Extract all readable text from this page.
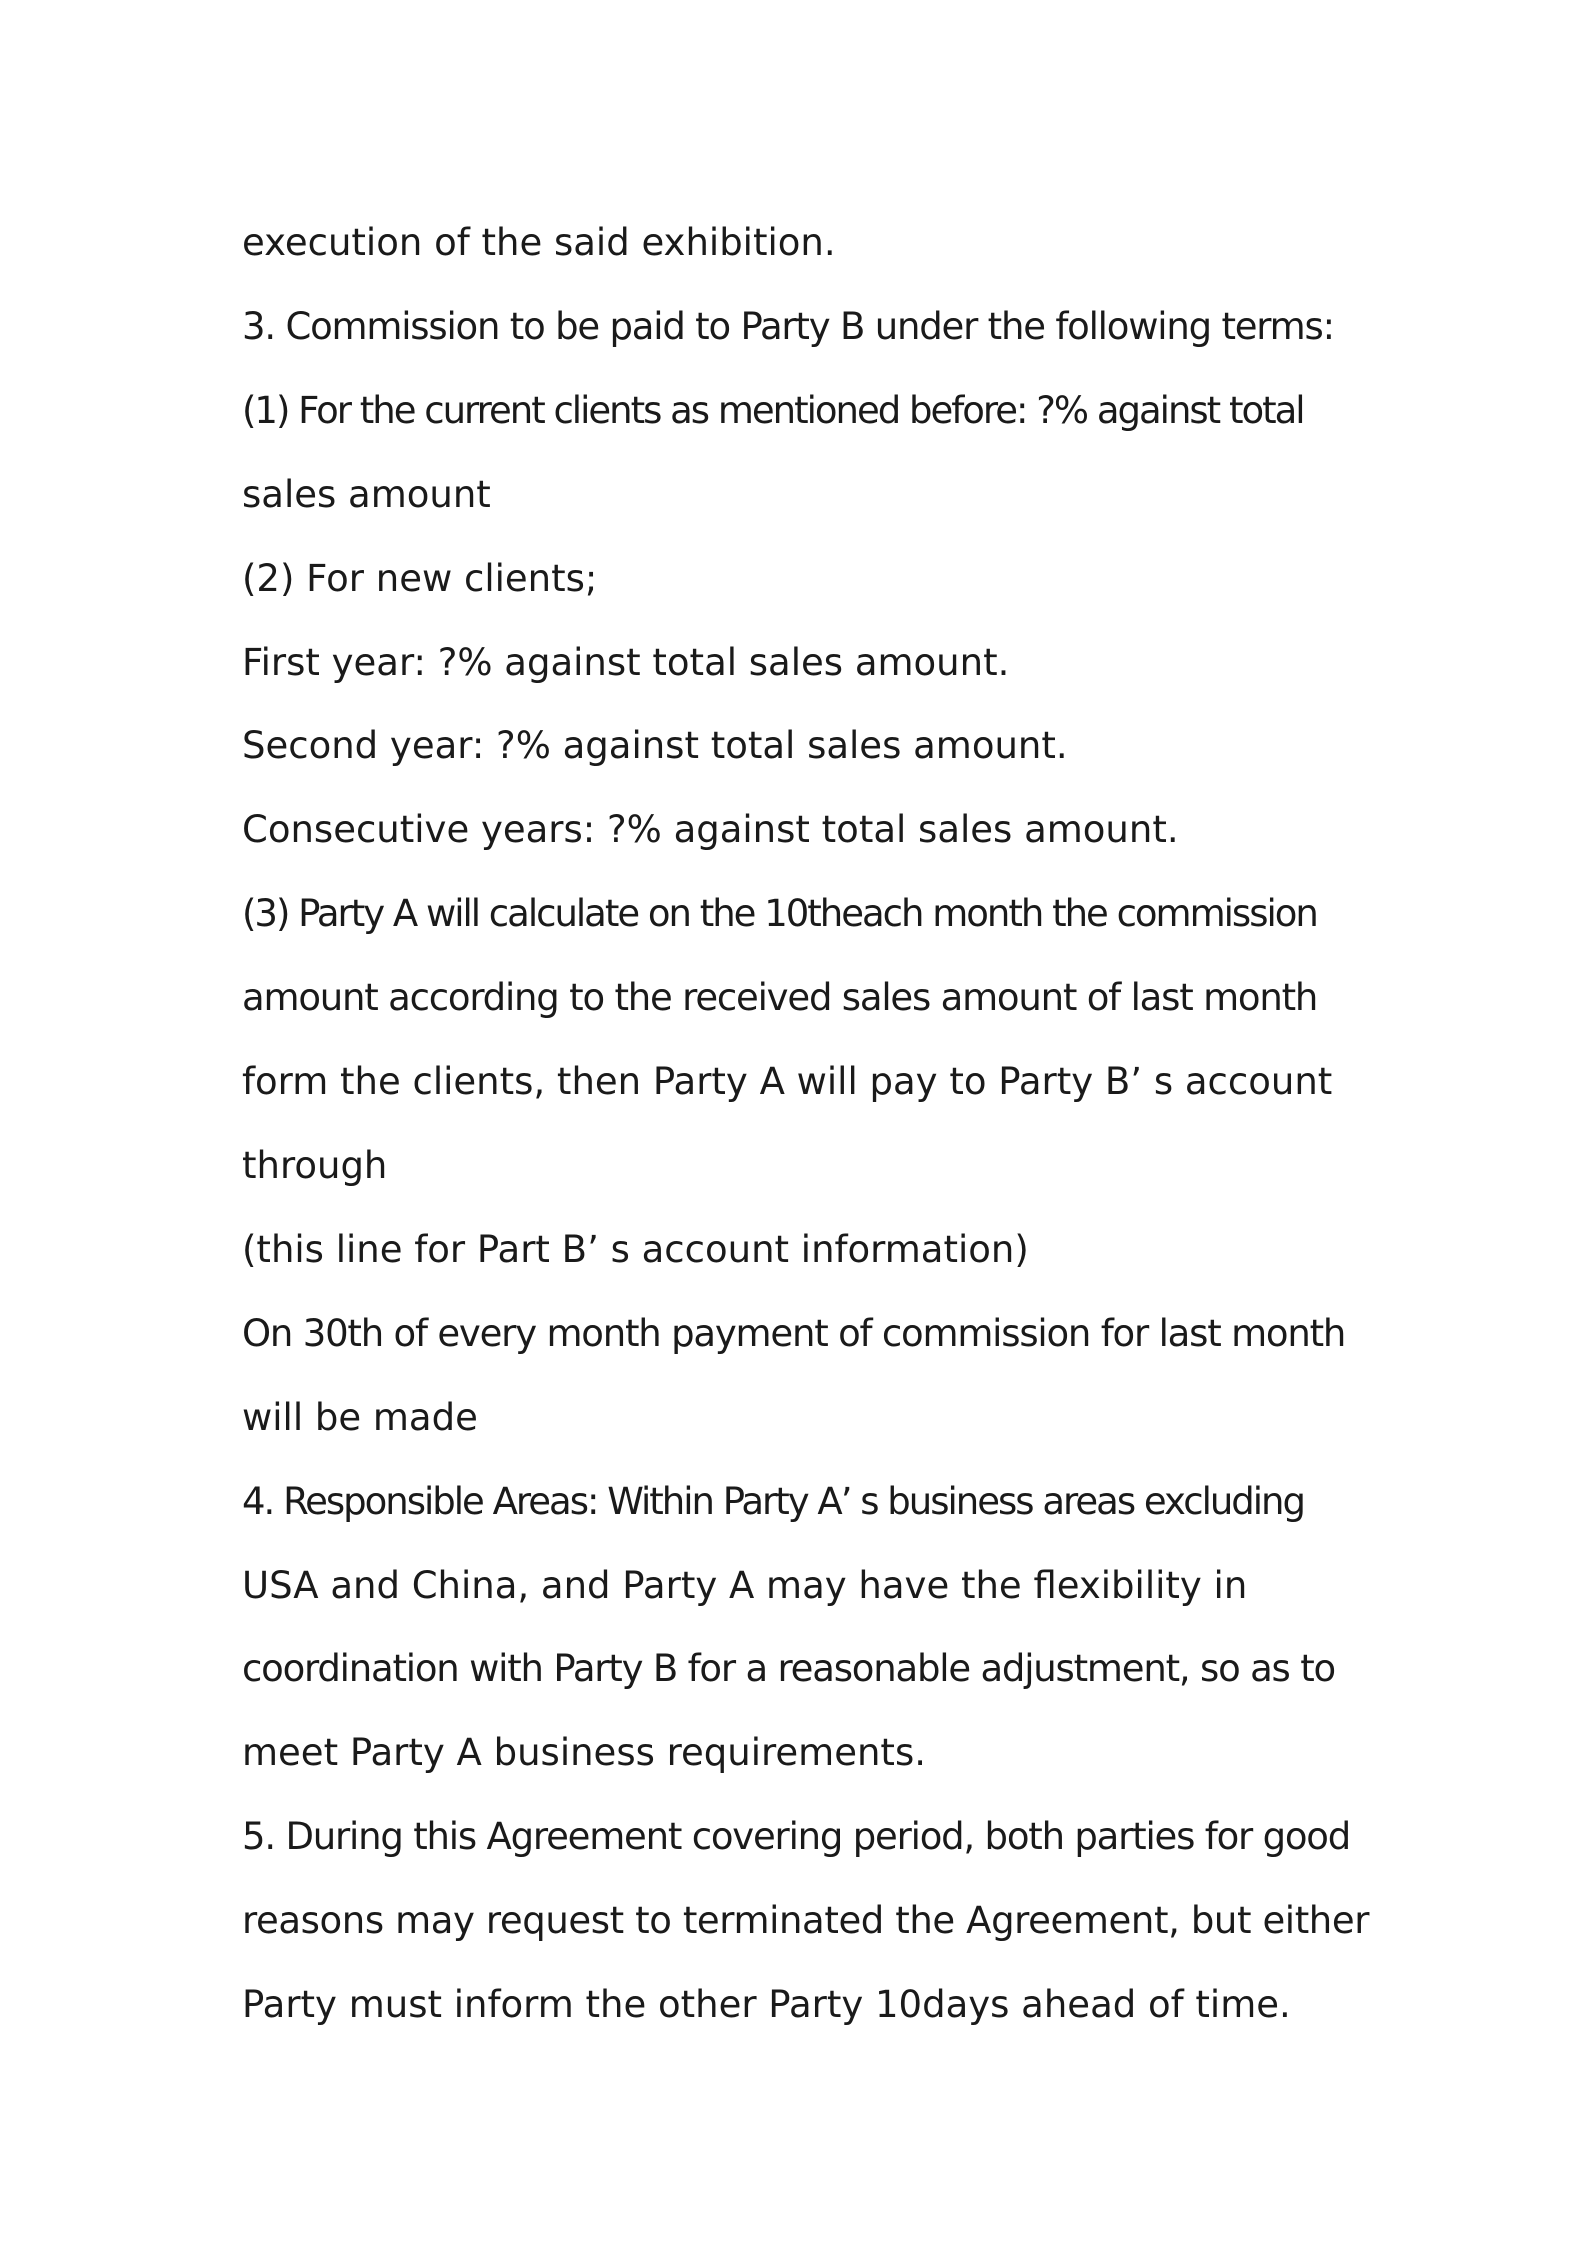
execution of the said exhibition.
3. Commission to be paid to Party B under the following terms:
(1) For the current clients as mentioned before: ?% against total
sales amount
(2) For new clients;
First year: ?% against total sales amount.
Second year: ?% against total sales amount.
Consecutive years: ?% against total sales amount.
(3) Party A will calculate on the 10theach month the commission
amount according to the received sales amount of last month
form the clients, then Party A will pay to Party B’ s account
through
(this line for Part B’ s account information)
On 30th of every month payment of commission for last month
will be made
4. Responsible Areas: Within Party A’ s business areas excluding
USA and China, and Party A may have the flexibility in
coordination with Party B for a reasonable adjustment, so as to
meet Party A business requirements.
5. During this Agreement covering period, both parties for good
reasons may request to terminated the Agreement, but either
Party must inform the other Party 10days ahead of time.
